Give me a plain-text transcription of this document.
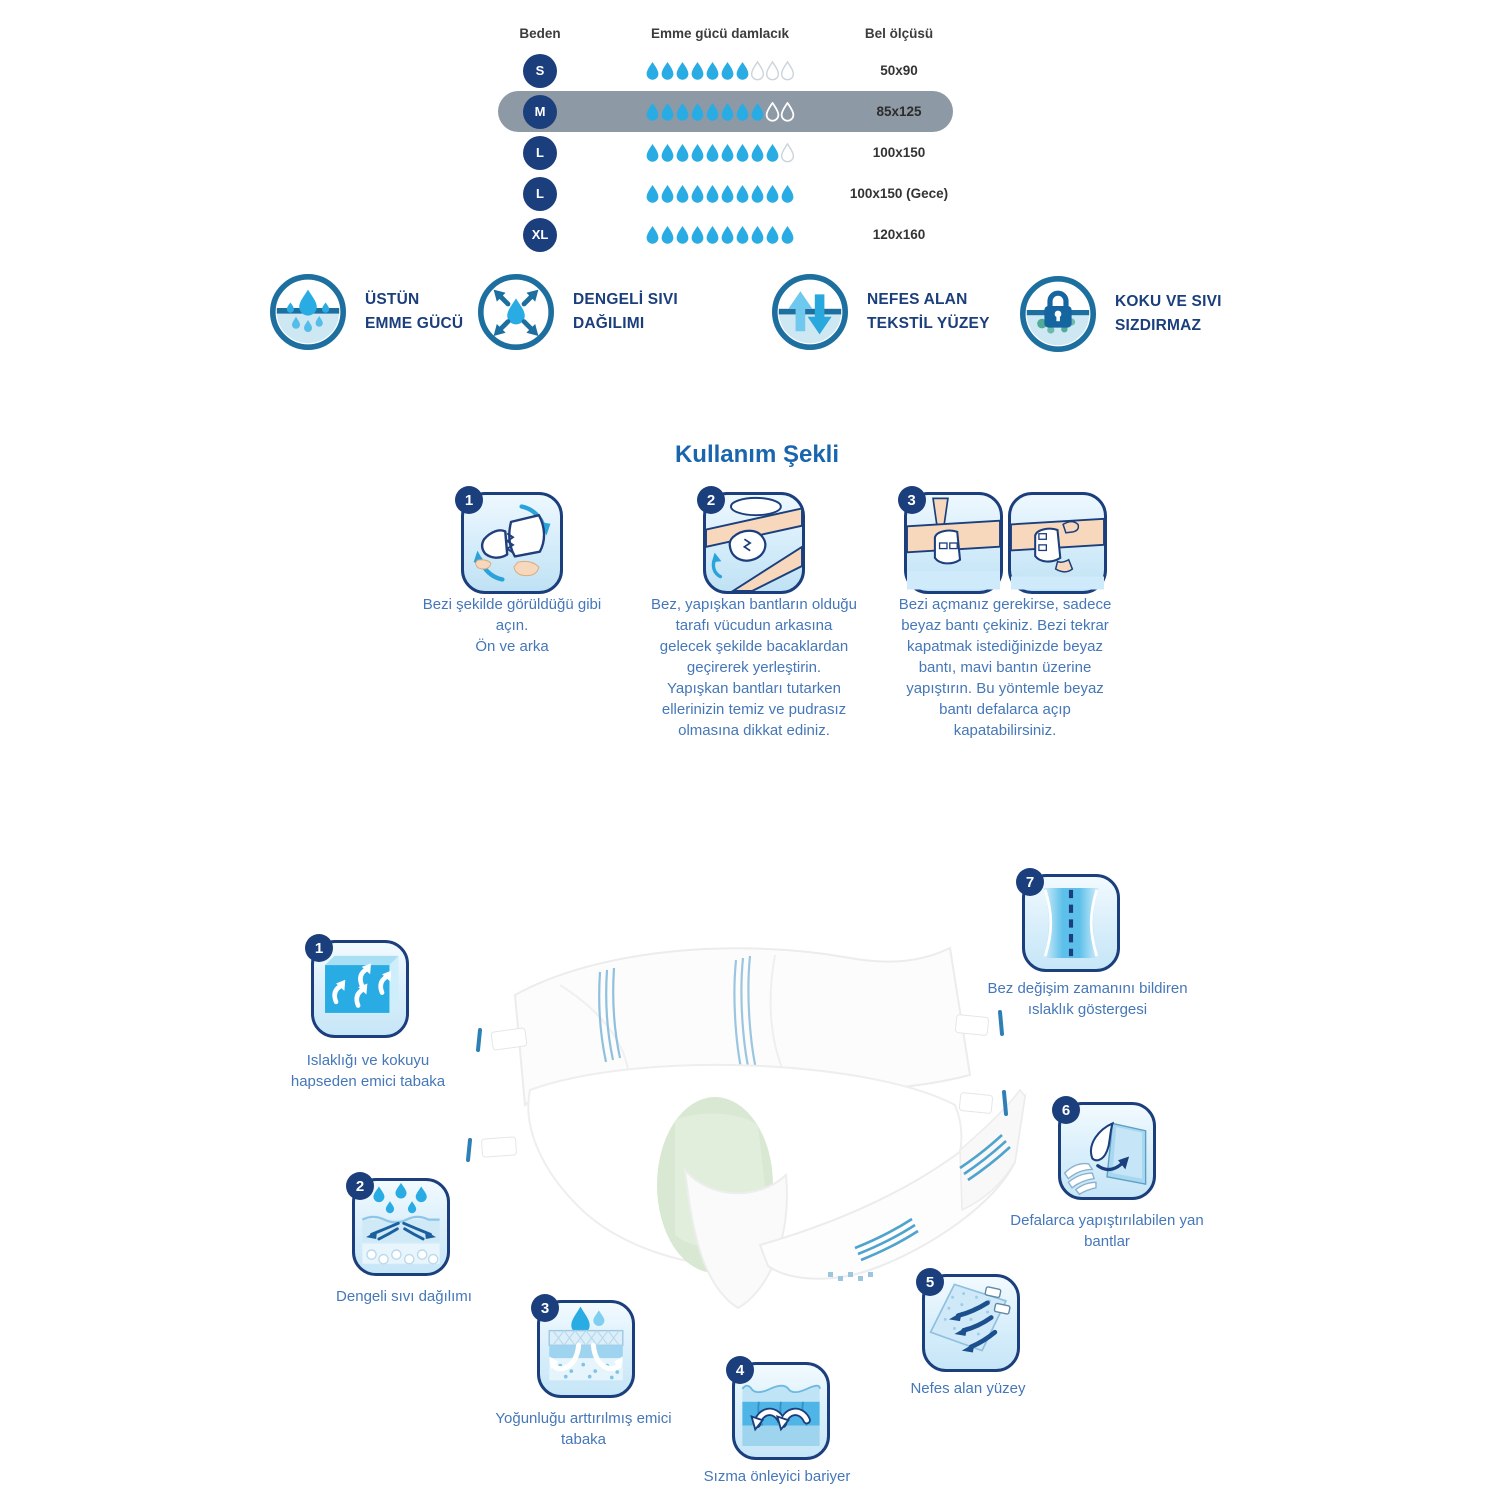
Beden	Emme gücü damlacık	Bel ölçüsü
S	50x90
M	85x125
L	100x150
L	100x150 (Gece)
XL	120x160
ÜSTÜN
EMME GÜCÜ
DENGELİ SIVI
DAĞILIMI
NEFES ALAN
TEKSTİL YÜZEY
KOKU VE SIVI
SIZDIRMAZ
Kullanım Şekli
1

Bezi şekilde görüldüğü gibi açın.

Ön ve arka

2

Bez, yapışkan bantların olduğu tarafı vücudun arkasına gelecek şekilde bacaklardan geçirerek yerleştirin.

Yapışkan bantları tutarken ellerinizin temiz ve pudrasız olmasına dikkat ediniz.

3

Bezi açmanız gerekirse, sadece beyaz bantı çekiniz. Bezi tekrar kapatmak istediğinizde beyaz bantı, mavi bantın üzerine yapıştırın. Bu yöntemle beyaz bantı defalarca açıp kapatabilirsiniz.

1
Islaklığı ve kokuyu hapseden emici tabaka
2
Dengeli sıvı dağılımı
3
Yoğunluğu arttırılmış emici tabaka
4
Sızma önleyici bariyer
5
Nefes alan yüzey
6
Defalarca yapıştırılabilen yan bantlar
7
Bez değişim zamanını bildiren ıslaklık göstergesi
